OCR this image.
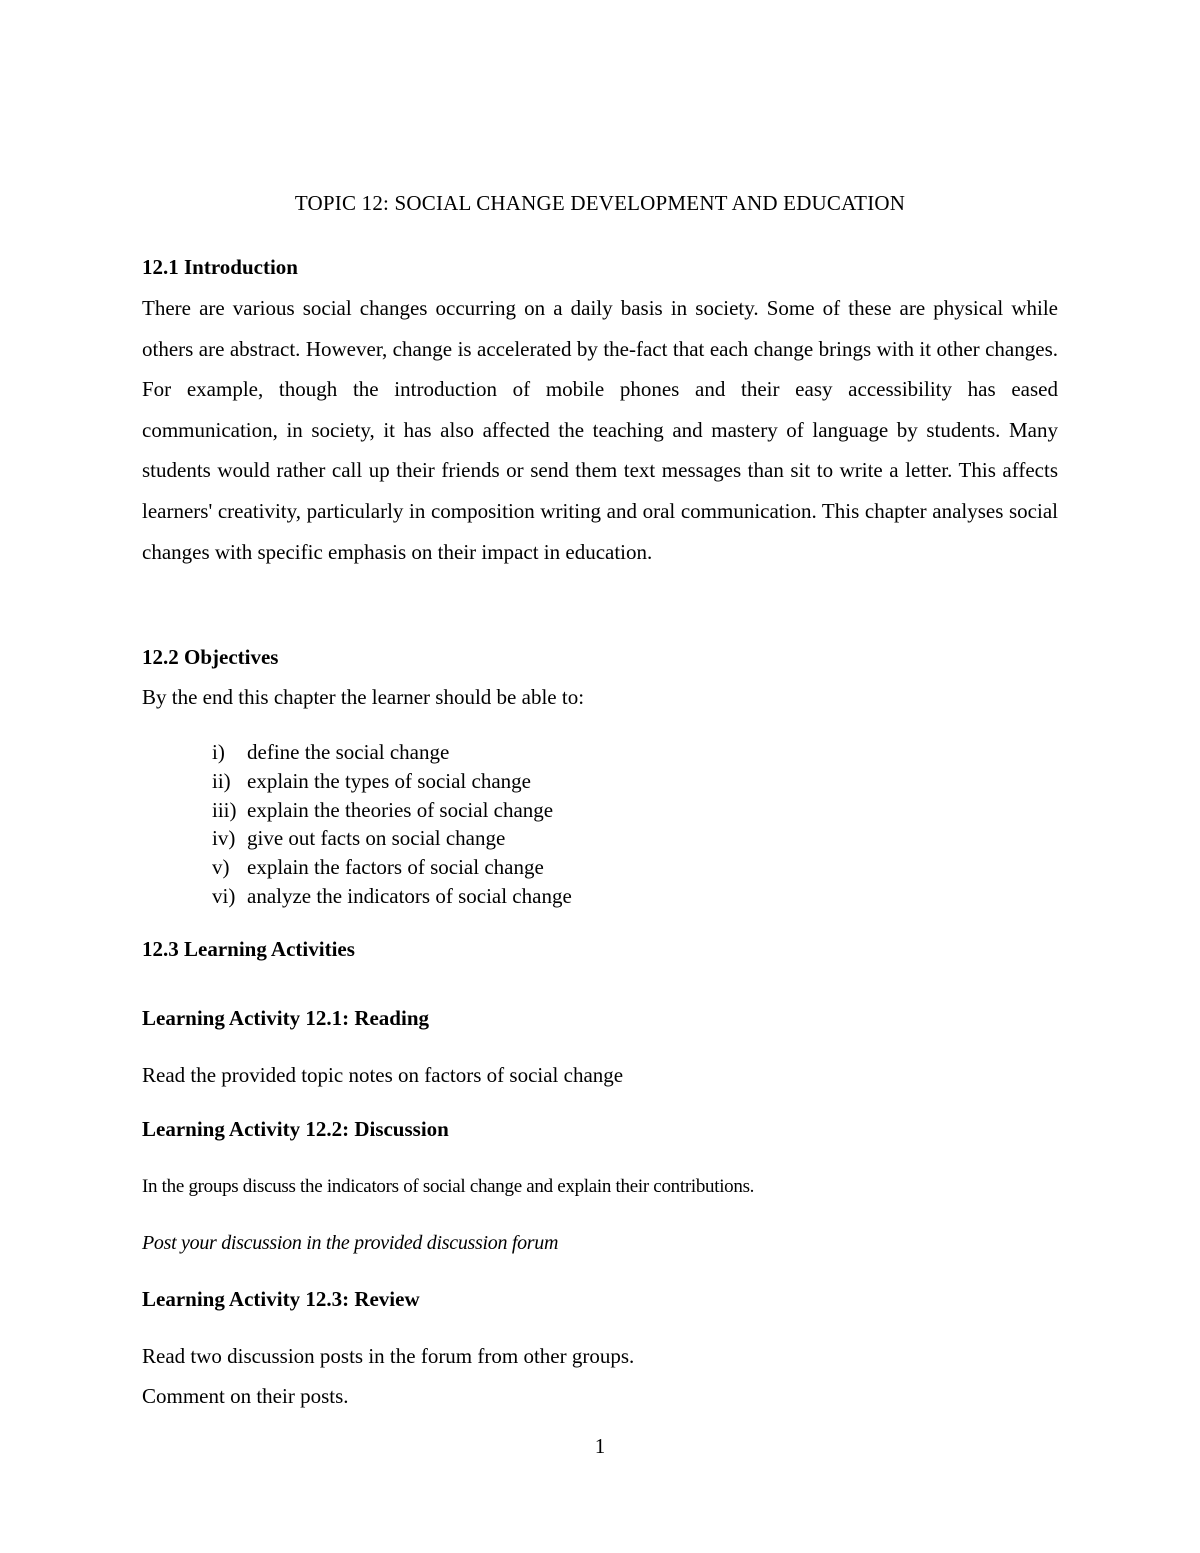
TOPIC 12: SOCIAL CHANGE DEVELOPMENT AND EDUCATION
12.1 Introduction

There are various social changes occurring on a daily basis in society. Some of these are physical while others are abstract. However, change is accelerated by the-fact that each change brings with it other changes. For example, though the introduction of mobile phones and their easy accessibility has eased communication, in society, it has also affected the teaching and mastery of language by students. Many students would rather call up their friends or send them text messages than sit to write a letter. This affects learners' creativity, particularly in composition writing and oral communication. This chapter analyses social changes with specific emphasis on their impact in education.

12.2 Objectives
By the end this chapter the learner should be able to:
i) define the social change
ii) explain the types of social change
iii) explain the theories of social change
iv) give out facts on social change
v) explain the factors of social change
vi) analyze the indicators of social change
12.3 Learning Activities
Learning Activity 12.1: Reading
Read the provided topic notes on factors of social change
Learning Activity 12.2: Discussion
In the groups discuss the indicators of social change and explain their contributions.
Post your discussion in the provided discussion forum
Learning Activity 12.3: Review
Read two discussion posts in the forum from other groups.
Comment on their posts.
1
